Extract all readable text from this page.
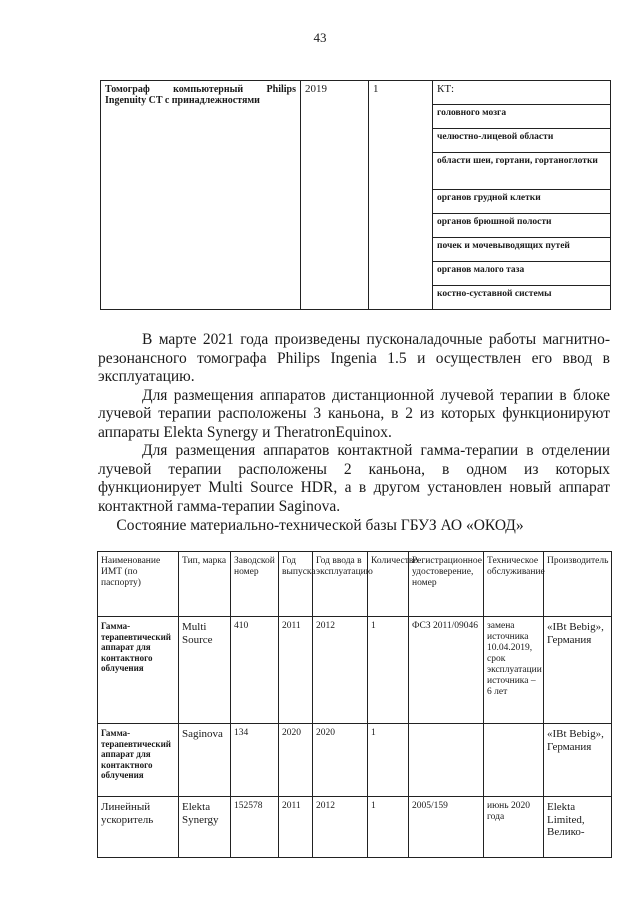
43
Томограф компьютерный Philips Ingenuity CT с принадлежностями	2019	1	КТ:
головного мозга
челюстно-лицевой области
области шеи, гортани, гортаноглотки
органов грудной клетки
органов брюшной полости
почек и мочевыводящих путей
органов малого таза
костно-суставной системы

В марте 2021 года произведены пусконаладочные работы магнитно-резонансного томографа Philips Ingenia 1.5 и осуществлен его ввод в эксплуатацию.

Для размещения аппаратов дистанционной лучевой терапии в блоке лучевой терапии расположены 3 каньона, в 2 из которых функционируют аппараты Elekta Synergy и TheratronEquinox.

Для размещения аппаратов контактной гамма-терапии в отделении лучевой терапии расположены 2 каньона, в одном из которых функционирует Multi Source HDR, а в другом установлен новый аппарат контактной гамма-терапии Saginova.

Состояние материально-технической базы ГБУЗ АО «ОКОД»
Наименование ИМТ (по паспорту)	Тип, марка	Заводской номер	Год выпуска	Год ввода в эксплуатацию	Количество	Регистрационное удостоверение, номер	Техническое обслуживание	Производитель
Гамма-терапевтический аппарат для контактного облучения	Multi Source	410	2011	2012	1	ФСЗ 2011/09046	замена источника 10.04.2019, срок эксплуатации источника – 6 лет	«IBt Bebig», Германия
Гамма-терапевтический аппарат для контактного облучения	Saginova	134	2020	2020	1			«IBt Bebig», Германия
Линейный ускоритель	Elekta Synergy	152578	2011	2012	1	2005/159	июнь 2020 года	Elekta Limited, Велико-
